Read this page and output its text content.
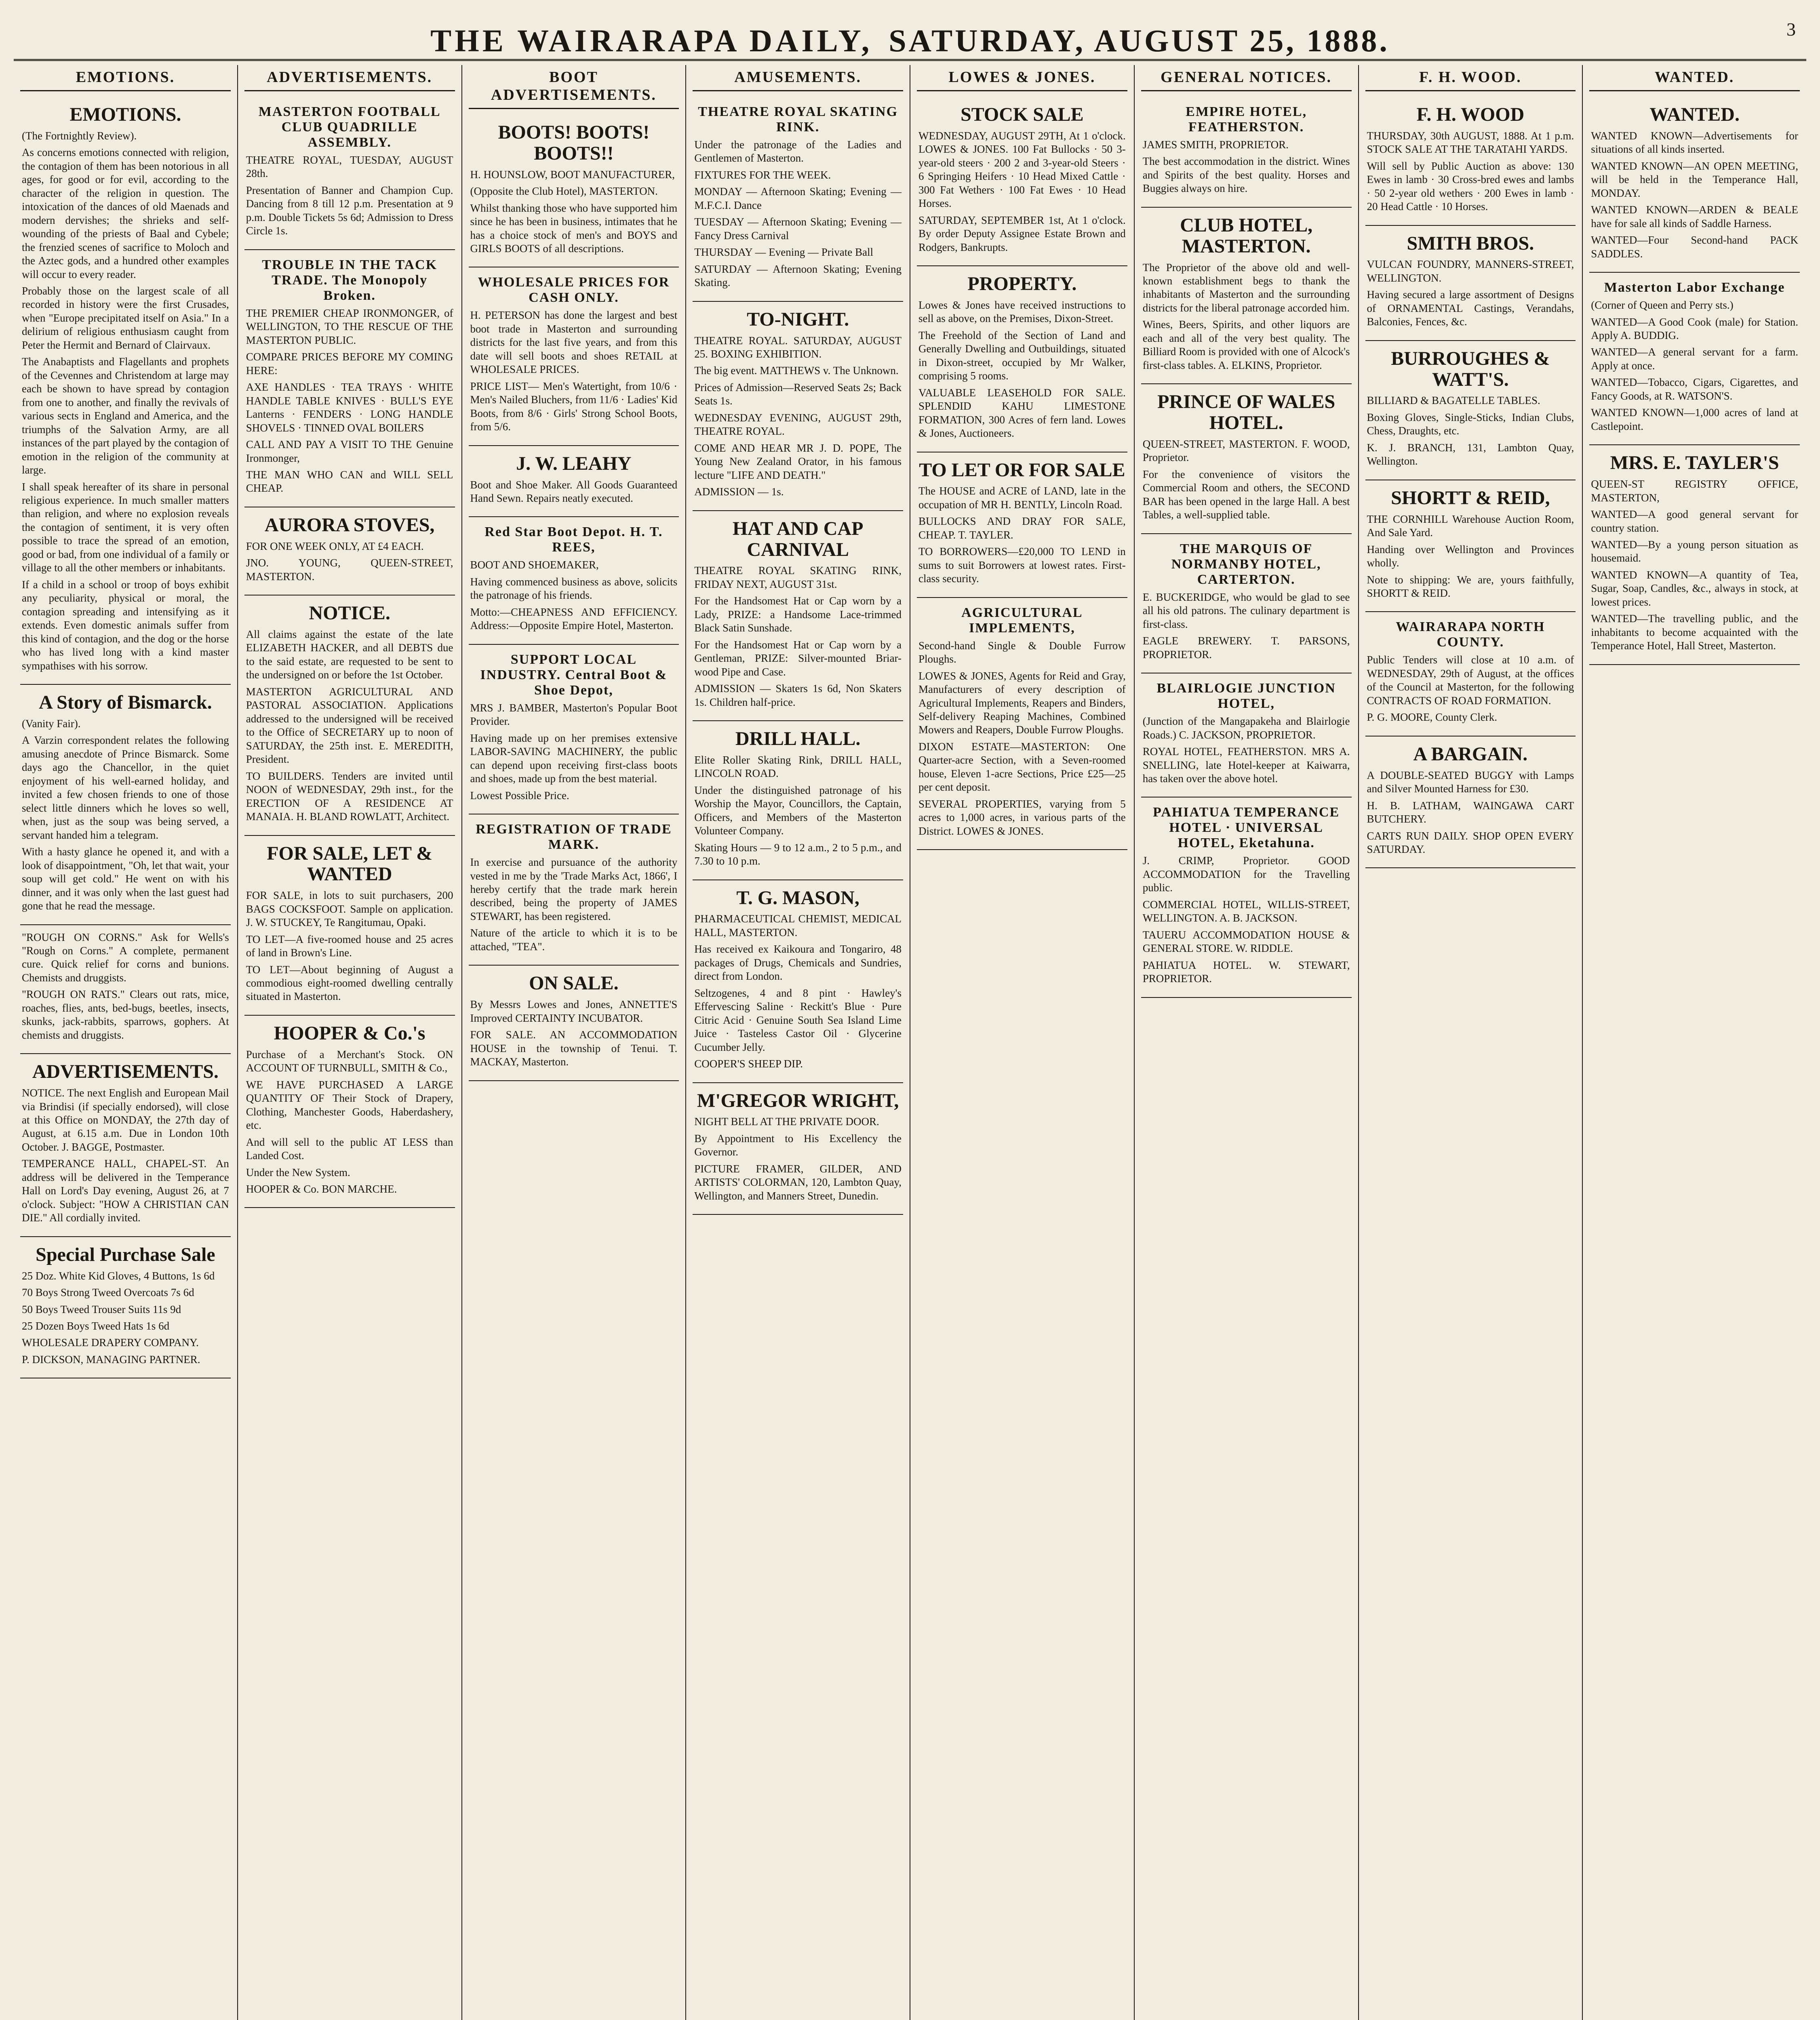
THE WAIRARAPA DAILY, SATURDAY, AUGUST 25, 1888.	3
EMOTIONS.
EMOTIONS.

(The Fortnightly Review).

As concerns emotions connected with religion, the contagion of them has been notorious in all ages, for good or for evil, according to the character of the religion in question. The intoxication of the dances of old Maenads and modern dervishes; the shrieks and self-wounding of the priests of Baal and Cybele; the frenzied scenes of sacrifice to Moloch and the Aztec gods, and a hundred other examples will occur to every reader.

Probably those on the largest scale of all recorded in history were the first Crusades, when "Europe precipitated itself on Asia." In a delirium of religious enthusiasm caught from Peter the Hermit and Bernard of Clairvaux.

The Anabaptists and Flagellants and prophets of the Cevennes and Christendom at large may each be shown to have spread by contagion from one to another, and finally the revivals of various sects in England and America, and the triumphs of the Salvation Army, are all instances of the part played by the contagion of emotion in the religion of the community at large.

I shall speak hereafter of its share in personal religious experience. In much smaller matters than religion, and where no explosion reveals the contagion of sentiment, it is very often possible to trace the spread of an emotion, good or bad, from one individual of a family or village to all the other members or inhabitants.

If a child in a school or troop of boys exhibit any peculiarity, physical or moral, the contagion spreading and intensifying as it extends. Even domestic animals suffer from this kind of contagion, and the dog or the horse who has lived long with a kind master sympathises with his sorrow.

A Story of Bismarck.

(Vanity Fair).

A Varzin correspondent relates the following amusing anecdote of Prince Bismarck. Some days ago the Chancellor, in the quiet enjoyment of his well-earned holiday, and invited a few chosen friends to one of those select little dinners which he loves so well, when, just as the soup was being served, a servant handed him a telegram.

With a hasty glance he opened it, and with a look of disappointment, "Oh, let that wait, your soup will get cold." He went on with his dinner, and it was only when the last guest had gone that he read the message.

"ROUGH ON CORNS." Ask for Wells's "Rough on Corns." A complete, permanent cure. Quick relief for corns and bunions. Chemists and druggists.

"ROUGH ON RATS." Clears out rats, mice, roaches, flies, ants, bed-bugs, beetles, insects, skunks, jack-rabbits, sparrows, gophers. At chemists and druggists.

ADVERTISEMENTS.

NOTICE. The next English and European Mail via Brindisi (if specially endorsed), will close at this Office on MONDAY, the 27th day of August, at 6.15 a.m. Due in London 10th October. J. BAGGE, Postmaster.

TEMPERANCE HALL, CHAPEL-ST. An address will be delivered in the Temperance Hall on Lord's Day evening, August 26, at 7 o'clock. Subject: "HOW A CHRISTIAN CAN DIE." All cordially invited.

Special Purchase Sale

25 Doz. White Kid Gloves, 4 Buttons, 1s 6d

70 Boys Strong Tweed Overcoats 7s 6d

50 Boys Tweed Trouser Suits 11s 9d

25 Dozen Boys Tweed Hats 1s 6d

WHOLESALE DRAPERY COMPANY.

P. DICKSON, MANAGING PARTNER.

ADVERTISEMENTS.
MASTERTON FOOTBALL CLUB QUADRILLE ASSEMBLY.

THEATRE ROYAL, TUESDAY, AUGUST 28th.

Presentation of Banner and Champion Cup. Dancing from 8 till 12 p.m. Presentation at 9 p.m. Double Tickets 5s 6d; Admission to Dress Circle 1s.

TROUBLE IN THE TACK TRADE. The Monopoly Broken.

THE PREMIER CHEAP IRONMONGER, of WELLINGTON, TO THE RESCUE OF THE MASTERTON PUBLIC.

COMPARE PRICES BEFORE MY COMING HERE:

AXE HANDLES · TEA TRAYS · WHITE HANDLE TABLE KNIVES · BULL'S EYE Lanterns · FENDERS · LONG HANDLE SHOVELS · TINNED OVAL BOILERS

CALL AND PAY A VISIT TO THE Genuine Ironmonger,

THE MAN WHO CAN and WILL SELL CHEAP.

AURORA STOVES,

FOR ONE WEEK ONLY, AT £4 EACH.

JNO. YOUNG, QUEEN-STREET, MASTERTON.

NOTICE.

All claims against the estate of the late ELIZABETH HACKER, and all DEBTS due to the said estate, are requested to be sent to the undersigned on or before the 1st October.

MASTERTON AGRICULTURAL AND PASTORAL ASSOCIATION. Applications addressed to the undersigned will be received to the Office of SECRETARY up to noon of SATURDAY, the 25th inst. E. MEREDITH, President.

TO BUILDERS. Tenders are invited until NOON of WEDNESDAY, 29th inst., for the ERECTION OF A RESIDENCE AT MANAIA. H. BLAND ROWLATT, Architect.

FOR SALE, LET & WANTED

FOR SALE, in lots to suit purchasers, 200 BAGS COCKSFOOT. Sample on application. J. W. STUCKEY, Te Rangitumau, Opaki.

TO LET—A five-roomed house and 25 acres of land in Brown's Line.

TO LET—About beginning of August a commodious eight-roomed dwelling centrally situated in Masterton.

HOOPER & Co.'s

Purchase of a Merchant's Stock. ON ACCOUNT OF TURNBULL, SMITH & Co.,

WE HAVE PURCHASED A LARGE QUANTITY OF Their Stock of Drapery, Clothing, Manchester Goods, Haberdashery, etc.

And will sell to the public AT LESS than Landed Cost.

Under the New System.

HOOPER & Co. BON MARCHE.

BOOT ADVERTISEMENTS.
BOOTS! BOOTS! BOOTS!!

H. HOUNSLOW, BOOT MANUFACTURER,

(Opposite the Club Hotel), MASTERTON.

Whilst thanking those who have supported him since he has been in business, intimates that he has a choice stock of men's and BOYS and GIRLS BOOTS of all descriptions.

WHOLESALE PRICES FOR CASH ONLY.

H. PETERSON has done the largest and best boot trade in Masterton and surrounding districts for the last five years, and from this date will sell boots and shoes RETAIL at WHOLESALE PRICES.

PRICE LIST— Men's Watertight, from 10/6 · Men's Nailed Bluchers, from 11/6 · Ladies' Kid Boots, from 8/6 · Girls' Strong School Boots, from 5/6.

J. W. LEAHY

Boot and Shoe Maker. All Goods Guaranteed Hand Sewn. Repairs neatly executed.

Red Star Boot Depot. H. T. REES,

BOOT AND SHOEMAKER,

Having commenced business as above, solicits the patronage of his friends.

Motto:—CHEAPNESS AND EFFICIENCY. Address:—Opposite Empire Hotel, Masterton.

SUPPORT LOCAL INDUSTRY. Central Boot & Shoe Depot,

MRS J. BAMBER, Masterton's Popular Boot Provider.

Having made up on her premises extensive LABOR-SAVING MACHINERY, the public can depend upon receiving first-class boots and shoes, made up from the best material.

Lowest Possible Price.

REGISTRATION OF TRADE MARK.

In exercise and pursuance of the authority vested in me by the 'Trade Marks Act, 1866', I hereby certify that the trade mark herein described, being the property of JAMES STEWART, has been registered.

Nature of the article to which it is to be attached, "TEA".

ON SALE.

By Messrs Lowes and Jones, ANNETTE'S Improved CERTAINTY INCUBATOR.

FOR SALE. AN ACCOMMODATION HOUSE in the township of Tenui. T. MACKAY, Masterton.

AMUSEMENTS.
THEATRE ROYAL SKATING RINK.

Under the patronage of the Ladies and Gentlemen of Masterton.

FIXTURES FOR THE WEEK.

MONDAY — Afternoon Skating; Evening — M.F.C.I. Dance

TUESDAY — Afternoon Skating; Evening — Fancy Dress Carnival

THURSDAY — Evening — Private Ball

SATURDAY — Afternoon Skating; Evening Skating.

TO-NIGHT.

THEATRE ROYAL. SATURDAY, AUGUST 25. BOXING EXHIBITION.

The big event. MATTHEWS v. The Unknown.

Prices of Admission—Reserved Seats 2s; Back Seats 1s.

WEDNESDAY EVENING, AUGUST 29th, THEATRE ROYAL.

COME AND HEAR MR J. D. POPE, The Young New Zealand Orator, in his famous lecture "LIFE AND DEATH."

ADMISSION — 1s.

HAT AND CAP CARNIVAL

THEATRE ROYAL SKATING RINK, FRIDAY NEXT, AUGUST 31st.

For the Handsomest Hat or Cap worn by a Lady, PRIZE: a Handsome Lace-trimmed Black Satin Sunshade.

For the Handsomest Hat or Cap worn by a Gentleman, PRIZE: Silver-mounted Briar-wood Pipe and Case.

ADMISSION — Skaters 1s 6d, Non Skaters 1s. Children half-price.

DRILL HALL.

Elite Roller Skating Rink, DRILL HALL, LINCOLN ROAD.

Under the distinguished patronage of his Worship the Mayor, Councillors, the Captain, Officers, and Members of the Masterton Volunteer Company.

Skating Hours — 9 to 12 a.m., 2 to 5 p.m., and 7.30 to 10 p.m.

T. G. MASON,

PHARMACEUTICAL CHEMIST, MEDICAL HALL, MASTERTON.

Has received ex Kaikoura and Tongariro, 48 packages of Drugs, Chemicals and Sundries, direct from London.

Seltzogenes, 4 and 8 pint · Hawley's Effervescing Saline · Reckitt's Blue · Pure Citric Acid · Genuine South Sea Island Lime Juice · Tasteless Castor Oil · Glycerine Cucumber Jelly.

COOPER'S SHEEP DIP.

M'GREGOR WRIGHT,

NIGHT BELL AT THE PRIVATE DOOR.

By Appointment to His Excellency the Governor.

PICTURE FRAMER, GILDER, AND ARTISTS' COLORMAN, 120, Lambton Quay, Wellington, and Manners Street, Dunedin.

LOWES & JONES.
STOCK SALE

WEDNESDAY, AUGUST 29TH, At 1 o'clock. LOWES & JONES. 100 Fat Bullocks · 50 3-year-old steers · 200 2 and 3-year-old Steers · 6 Springing Heifers · 10 Head Mixed Cattle · 300 Fat Wethers · 100 Fat Ewes · 10 Head Horses.

SATURDAY, SEPTEMBER 1st, At 1 o'clock. By order Deputy Assignee Estate Brown and Rodgers, Bankrupts.

PROPERTY.

Lowes & Jones have received instructions to sell as above, on the Premises, Dixon-Street.

The Freehold of the Section of Land and Generally Dwelling and Outbuildings, situated in Dixon-street, occupied by Mr Walker, comprising 5 rooms.

VALUABLE LEASEHOLD FOR SALE. SPLENDID KAHU LIMESTONE FORMATION, 300 Acres of fern land. Lowes & Jones, Auctioneers.

TO LET OR FOR SALE

The HOUSE and ACRE of LAND, late in the occupation of MR H. BENTLY, Lincoln Road.

BULLOCKS AND DRAY FOR SALE, CHEAP. T. TAYLER.

TO BORROWERS—£20,000 TO LEND in sums to suit Borrowers at lowest rates. First-class security.

AGRICULTURAL IMPLEMENTS,

Second-hand Single & Double Furrow Ploughs.

LOWES & JONES, Agents for Reid and Gray, Manufacturers of every description of Agricultural Implements, Reapers and Binders, Self-delivery Reaping Machines, Combined Mowers and Reapers, Double Furrow Ploughs.

DIXON ESTATE—MASTERTON: One Quarter-acre Section, with a Seven-roomed house, Eleven 1-acre Sections, Price £25—25 per cent deposit.

SEVERAL PROPERTIES, varying from 5 acres to 1,000 acres, in various parts of the District. LOWES & JONES.

GENERAL NOTICES.
EMPIRE HOTEL, FEATHERSTON.

JAMES SMITH, PROPRIETOR.

The best accommodation in the district. Wines and Spirits of the best quality. Horses and Buggies always on hire.

CLUB HOTEL, MASTERTON.

The Proprietor of the above old and well-known establishment begs to thank the inhabitants of Masterton and the surrounding districts for the liberal patronage accorded him.

Wines, Beers, Spirits, and other liquors are each and all of the very best quality. The Billiard Room is provided with one of Alcock's first-class tables. A. ELKINS, Proprietor.

PRINCE OF WALES HOTEL.

QUEEN-STREET, MASTERTON. F. WOOD, Proprietor.

For the convenience of visitors the Commercial Room and others, the SECOND BAR has been opened in the large Hall. A best Tables, a well-supplied table.

THE MARQUIS OF NORMANBY HOTEL, CARTERTON.

E. BUCKERIDGE, who would be glad to see all his old patrons. The culinary department is first-class.

EAGLE BREWERY. T. PARSONS, PROPRIETOR.

BLAIRLOGIE JUNCTION HOTEL,

(Junction of the Mangapakeha and Blairlogie Roads.) C. JACKSON, PROPRIETOR.

ROYAL HOTEL, FEATHERSTON. MRS A. SNELLING, late Hotel-keeper at Kaiwarra, has taken over the above hotel.

PAHIATUA TEMPERANCE HOTEL · UNIVERSAL HOTEL, Eketahuna.

J. CRIMP, Proprietor. GOOD ACCOMMODATION for the Travelling public.

COMMERCIAL HOTEL, WILLIS-STREET, WELLINGTON. A. B. JACKSON.

TAUERU ACCOMMODATION HOUSE & GENERAL STORE. W. RIDDLE.

PAHIATUA HOTEL. W. STEWART, PROPRIETOR.

F. H. WOOD.
F. H. WOOD

THURSDAY, 30th AUGUST, 1888. At 1 p.m. STOCK SALE AT THE TARATAHI YARDS.

Will sell by Public Auction as above: 130 Ewes in lamb · 30 Cross-bred ewes and lambs · 50 2-year old wethers · 200 Ewes in lamb · 20 Head Cattle · 10 Horses.

SMITH BROS.

VULCAN FOUNDRY, MANNERS-STREET, WELLINGTON.

Having secured a large assortment of Designs of ORNAMENTAL Castings, Verandahs, Balconies, Fences, &c.

BURROUGHES & WATT'S.

BILLIARD & BAGATELLE TABLES.

Boxing Gloves, Single-Sticks, Indian Clubs, Chess, Draughts, etc.

K. J. BRANCH, 131, Lambton Quay, Wellington.

SHORTT & REID,

THE CORNHILL Warehouse Auction Room, And Sale Yard.

Handing over Wellington and Provinces wholly.

Note to shipping: We are, yours faithfully, SHORTT & REID.

WAIRARAPA NORTH COUNTY.

Public Tenders will close at 10 a.m. of WEDNESDAY, 29th of August, at the offices of the Council at Masterton, for the following CONTRACTS OF ROAD FORMATION.

P. G. MOORE, County Clerk.

A BARGAIN.

A DOUBLE-SEATED BUGGY with Lamps and Silver Mounted Harness for £30.

H. B. LATHAM, WAINGAWA CART BUTCHERY.

CARTS RUN DAILY. SHOP OPEN EVERY SATURDAY.

WANTED.
WANTED.

WANTED KNOWN—Advertisements for situations of all kinds inserted.

WANTED KNOWN—AN OPEN MEETING, will be held in the Temperance Hall, MONDAY.

WANTED KNOWN—ARDEN & BEALE have for sale all kinds of Saddle Harness.

WANTED—Four Second-hand PACK SADDLES.

Masterton Labor Exchange

(Corner of Queen and Perry sts.)

WANTED—A Good Cook (male) for Station. Apply A. BUDDIG.

WANTED—A general servant for a farm. Apply at once.

WANTED—Tobacco, Cigars, Cigarettes, and Fancy Goods, at R. WATSON'S.

WANTED KNOWN—1,000 acres of land at Castlepoint.

MRS. E. TAYLER'S

QUEEN-ST REGISTRY OFFICE, MASTERTON,

WANTED—A good general servant for country station.

WANTED—By a young person situation as housemaid.

WANTED KNOWN—A quantity of Tea, Sugar, Soap, Candles, &c., always in stock, at lowest prices.

WANTED—The travelling public, and the inhabitants to become acquainted with the Temperance Hotel, Hall Street, Masterton.
